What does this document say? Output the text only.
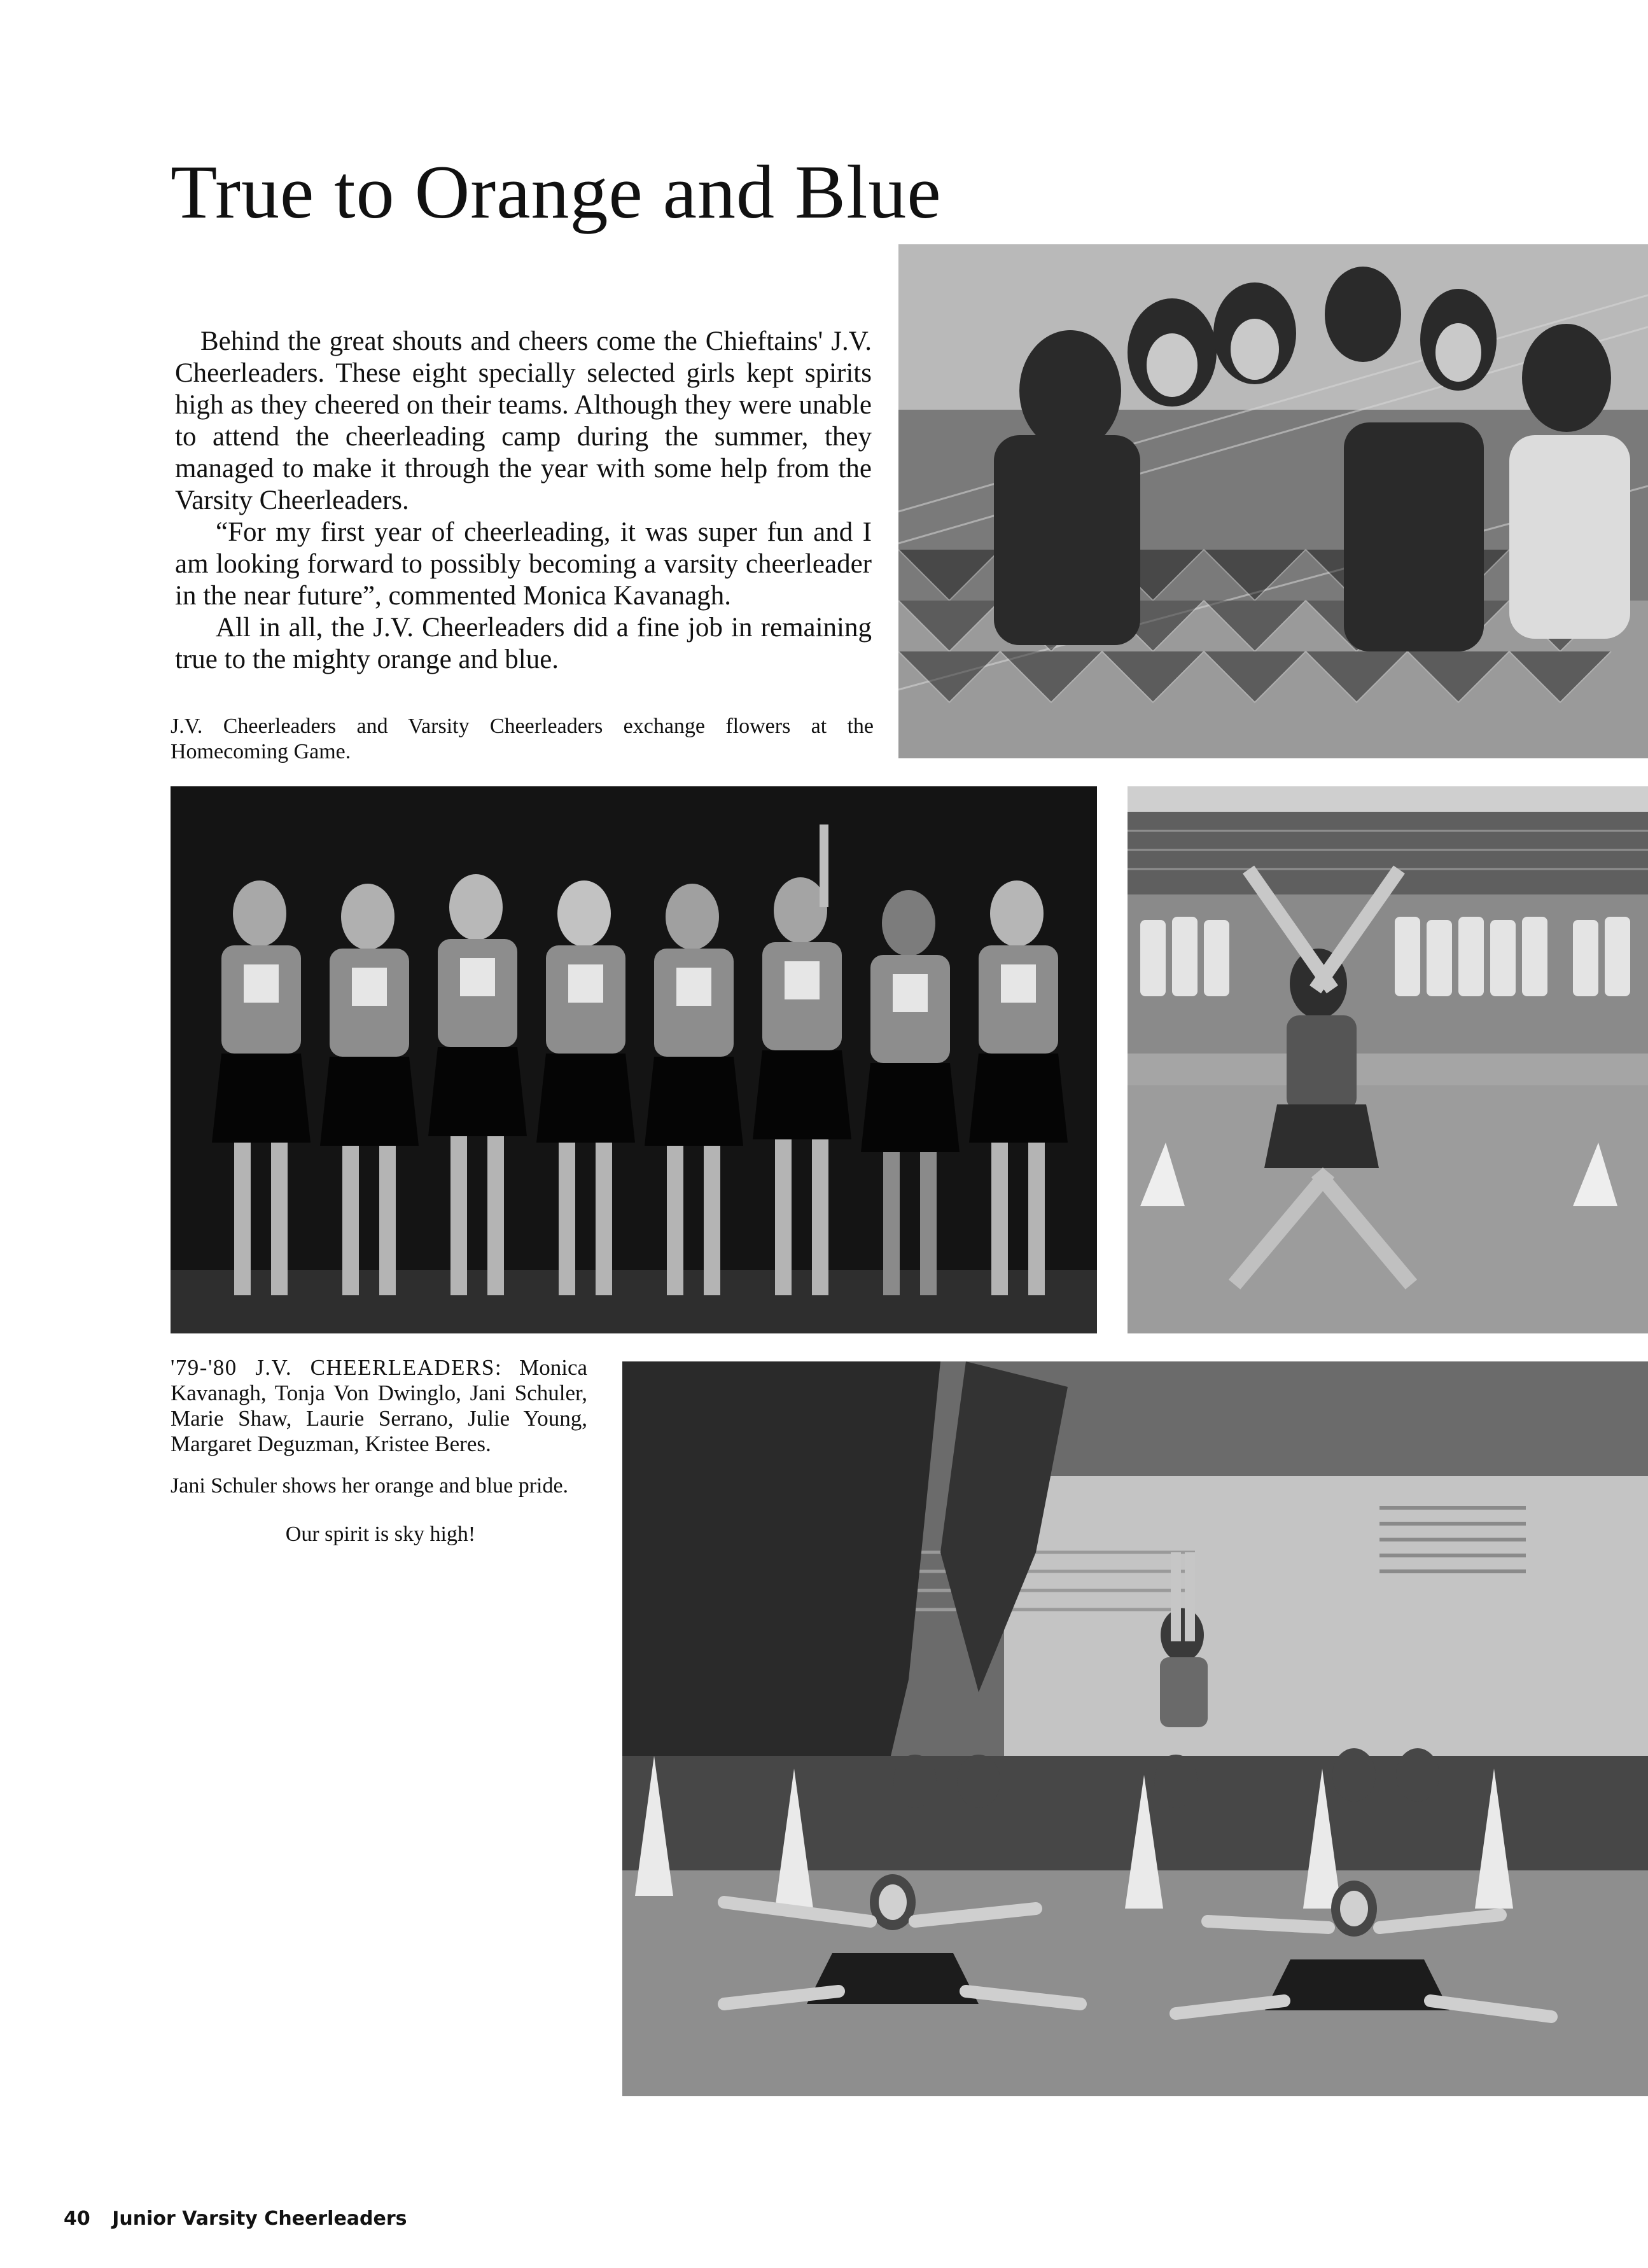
True to Orange and Blue

Behind the great shouts and cheers come the Chieftains' J.V. Cheerleaders. These eight specially selected girls kept spirits high as they cheered on their teams. Although they were unable to attend the cheerleading camp during the summer, they managed to make it through the year with some help from the Varsity Cheerleaders.

“For my first year of cheerleading, it was super fun and I am looking forward to possibly becoming a varsity cheerleader in the near future”, commented Monica Kavanagh.

All in all, the J.V. Cheerleaders did a fine job in remaining true to the mighty orange and blue.

J.V. Cheerleaders and Varsity Cheerleaders exchange flowers at the Homecoming Game.
'79-'80 J.V. CHEERLEADERS: Monica Kavanagh, Tonja Von Dwinglo, Jani Schuler, Marie Shaw, Laurie Serrano, Julie Young, Margaret Deguzman, Kristee Beres.
Jani Schuler shows her orange and blue pride.
Our spirit is sky high!
40 Junior Varsity Cheerleaders
